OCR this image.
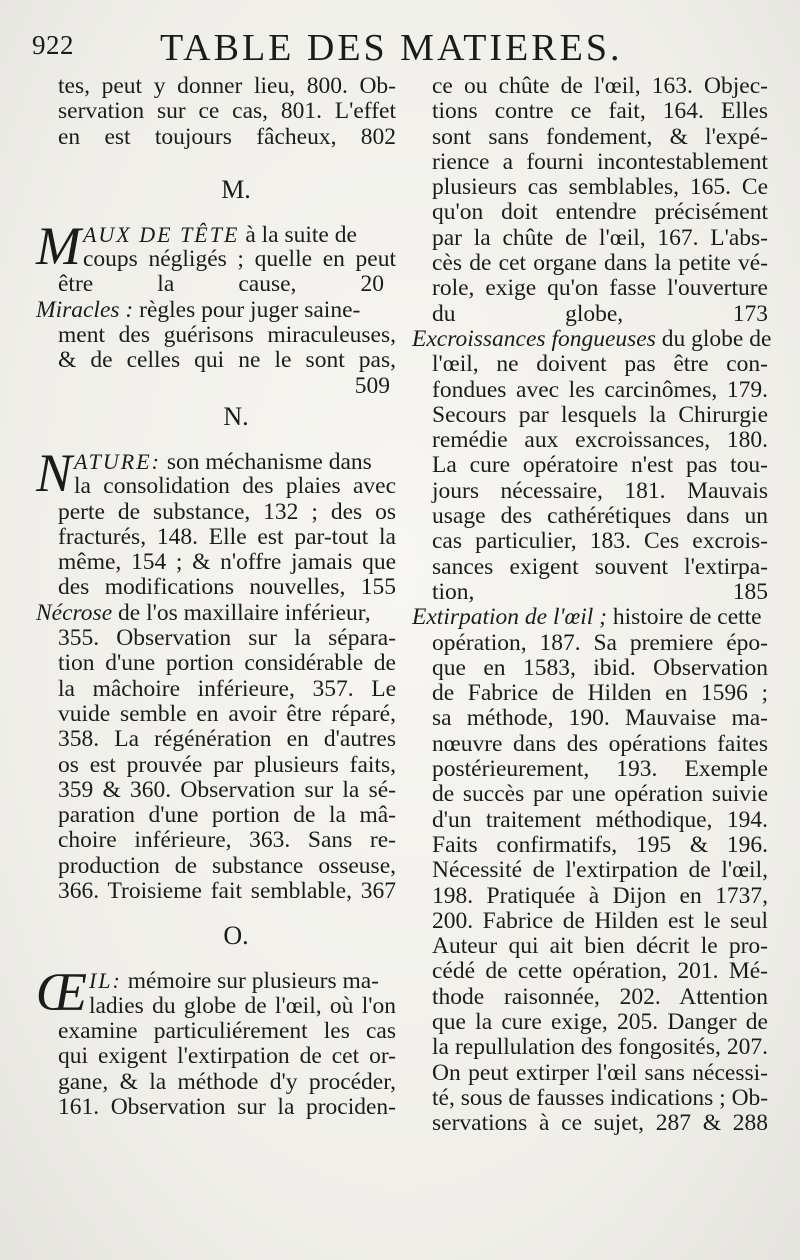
922 TABLE DES MATIERES.
tes, peut y donner lieu, 800. Ob-
servation sur ce cas, 801. L'effet
en est toujours fâcheux, 802
M.
M AUX DE TÊTE à la suite de
coups négligés ; quelle en peut
être la cause, 20
Miracles : règles pour juger saine-
ment des guérisons miraculeuses,
& de celles qui ne le sont pas,
509
N.
N ATURE: son méchanisme dans
la consolidation des plaies avec
perte de substance, 132 ; des os
fracturés, 148. Elle est par-tout la
même, 154 ; & n'offre jamais que
des modifications nouvelles, 155
Nécrose de l'os maxillaire inférieur,
355. Observation sur la sépara-
tion d'une portion considérable de
la mâchoire inférieure, 357. Le
vuide semble en avoir être réparé,
358. La régénération en d'autres
os est prouvée par plusieurs faits,
359 & 360. Observation sur la sé-
paration d'une portion de la mâ-
choire inférieure, 363. Sans re-
production de substance osseuse,
366. Troisieme fait semblable, 367
O.
Œ IL: mémoire sur plusieurs ma-
ladies du globe de l'œil, où l'on
examine particuliérement les cas
qui exigent l'extirpation de cet or-
gane, & la méthode d'y procéder,
161. Observation sur la prociden-
ce ou chûte de l'œil, 163. Objec-
tions contre ce fait, 164. Elles
sont sans fondement, & l'expé-
rience a fourni incontestablement
plusieurs cas semblables, 165. Ce
qu'on doit entendre précisément
par la chûte de l'œil, 167. L'abs-
cès de cet organe dans la petite vé-
role, exige qu'on fasse l'ouverture
du globe, 173
Excroissances fongueuses du globe de
l'œil, ne doivent pas être con-
fondues avec les carcinômes, 179.
Secours par lesquels la Chirurgie
remédie aux excroissances, 180.
La cure opératoire n'est pas tou-
jours nécessaire, 181. Mauvais
usage des cathérétiques dans un
cas particulier, 183. Ces excrois-
sances exigent souvent l'extirpa-
tion, 185
Extirpation de l'œil ; histoire de cette
opération, 187. Sa premiere épo-
que en 1583, ibid. Observation
de Fabrice de Hilden en 1596 ;
sa méthode, 190. Mauvaise ma-
nœuvre dans des opérations faites
postérieurement, 193. Exemple
de succès par une opération suivie
d'un traitement méthodique, 194.
Faits confirmatifs, 195 & 196.
Nécessité de l'extirpation de l'œil,
198. Pratiquée à Dijon en 1737,
200. Fabrice de Hilden est le seul
Auteur qui ait bien décrit le pro-
cédé de cette opération, 201. Mé-
thode raisonnée, 202. Attention
que la cure exige, 205. Danger de
la repullulation des fongosités, 207.
On peut extirper l'œil sans nécessi-
té, sous de fausses indications ; Ob-
servations à ce sujet, 287 & 288
